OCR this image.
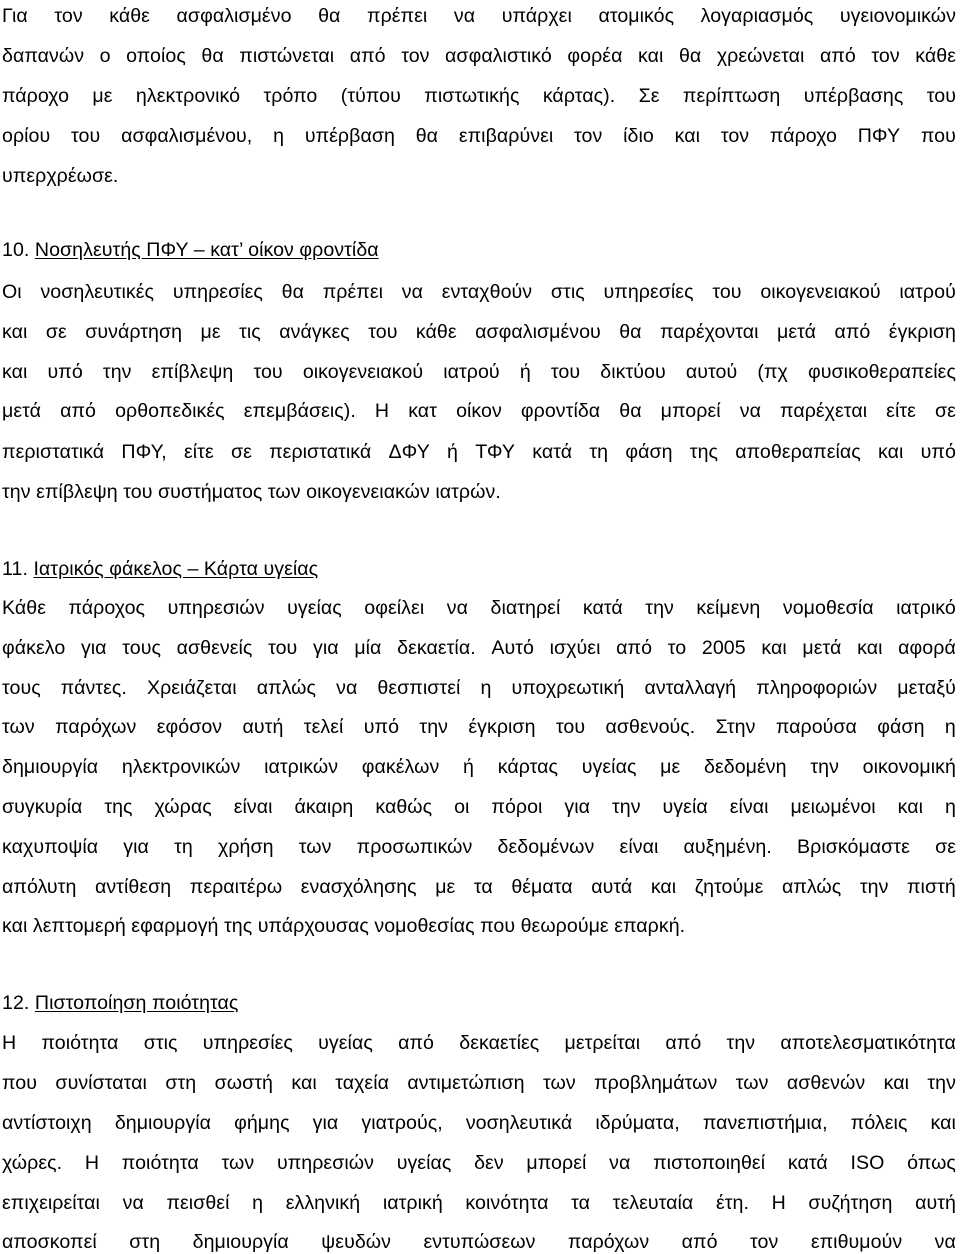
Για τον κάθε ασφαλισμένο θα πρέπει να υπάρχει ατομικός λογαριασμός υγειονομικών
δαπανών ο οποίος θα πιστώνεται από τον ασφαλιστικό φορέα και θα χρεώνεται από τον κάθε
πάροχο με ηλεκτρονικό τρόπο (τύπου πιστωτικής κάρτας). Σε περίπτωση υπέρβασης του
ορίου του ασφαλισμένου, η υπέρβαση θα επιβαρύνει τον ίδιο και τον πάροχο ΠΦΥ που
υπερχρέωσε.
10. Νοσηλευτής ΠΦΥ – κατ’ οίκον φροντίδα
Οι νοσηλευτικές υπηρεσίες θα πρέπει να ενταχθούν στις υπηρεσίες του οικογενειακού ιατρού
και σε συνάρτηση με τις ανάγκες του κάθε ασφαλισμένου θα παρέχονται μετά από έγκριση
και υπό την επίβλεψη του οικογενειακού ιατρού ή του δικτύου αυτού (πχ φυσικοθεραπείες
μετά από ορθοπεδικές επεμβάσεις). Η κατ οίκον φροντίδα θα μπορεί να παρέχεται είτε σε
περιστατικά ΠΦΥ, είτε σε περιστατικά ΔΦΥ ή ΤΦΥ κατά τη φάση της αποθεραπείας και υπό
την επίβλεψη του συστήματος των οικογενειακών ιατρών.
11. Ιατρικός φάκελος – Κάρτα υγείας
Κάθε πάροχος υπηρεσιών υγείας οφείλει να διατηρεί κατά την κείμενη νομοθεσία ιατρικό
φάκελο για τους ασθενείς του για μία δεκαετία. Αυτό ισχύει από το 2005 και μετά και αφορά
τους πάντες. Χρειάζεται απλώς να θεσπιστεί η υποχρεωτική ανταλλαγή πληροφοριών μεταξύ
των παρόχων εφόσον αυτή τελεί υπό την έγκριση του ασθενούς. Στην παρούσα φάση η
δημιουργία ηλεκτρονικών ιατρικών φακέλων ή κάρτας υγείας με δεδομένη την οικονομική
συγκυρία της χώρας είναι άκαιρη καθώς οι πόροι για την υγεία είναι μειωμένοι και η
καχυποψία για τη χρήση των προσωπικών δεδομένων είναι αυξημένη. Βρισκόμαστε σε
απόλυτη αντίθεση περαιτέρω ενασχόλησης με τα θέματα αυτά και ζητούμε απλώς την πιστή
και λεπτομερή εφαρμογή της υπάρχουσας νομοθεσίας που θεωρούμε επαρκή.
12. Πιστοποίηση ποιότητας
Η ποιότητα στις υπηρεσίες υγείας από δεκαετίες μετρείται από την αποτελεσματικότητα
που συνίσταται στη σωστή και ταχεία αντιμετώπιση των προβλημάτων των ασθενών και την
αντίστοιχη δημιουργία φήμης για γιατρούς, νοσηλευτικά ιδρύματα, πανεπιστήμια, πόλεις και
χώρες. Η ποιότητα των υπηρεσιών υγείας δεν μπορεί να πιστοποιηθεί κατά ISO όπως
επιχειρείται να πεισθεί η ελληνική ιατρική κοινότητα τα τελευταία έτη. Η συζήτηση αυτή
αποσκοπεί στη δημιουργία ψευδών εντυπώσεων παρόχων από τον επιθυμούν να
